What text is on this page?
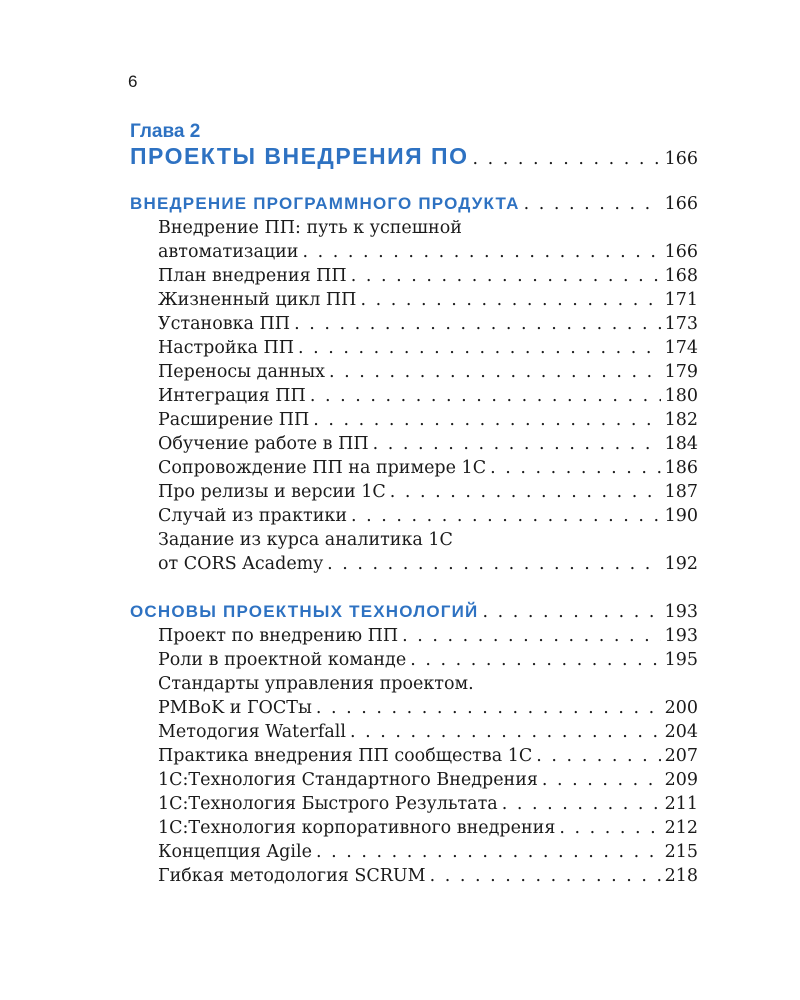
6
Глава 2
ПРОЕКТЫ ВНЕДРЕНИЯ ПО . . .	166
ВНЕДРЕНИЕ ПРОГРАММНОГО ПРОДУКТА . . .	166
Внедрение ПП: путь к успешной
автоматизации . . .	166
План внедрения ПП . . .	168
Жизненный цикл ПП . . .	171
Установка ПП . . .	173
Настройка ПП . . .	174
Переносы данных . . .	179
Интеграция ПП . . .	180
Расширение ПП . . .	182
Обучение работе в ПП . . .	184
Сопровождение ПП на примере 1С . . .	186
Про релизы и версии 1С . . .	187
Случай из практики . . .	190
Задание из курса аналитика 1С
от CORS Academy . . .	192
ОСНОВЫ ПРОЕКТНЫХ ТЕХНОЛОГИЙ . . .	193
Проект по внедрению ПП . . .	193
Роли в проектной команде . . .	195
Стандарты управления проектом.
PMBoK и ГОСТы . . .	200
Методогия Waterfall . . .	204
Практика внедрения ПП сообщества 1С . . .	207
1С:Технология Стандартного Внедрения . . .	209
1С:Технология Быстрого Результата . . .	211
1С:Технология корпоративного внедрения . . .	212
Концепция Agile . . .	215
Гибкая методология SCRUM . . .	218
